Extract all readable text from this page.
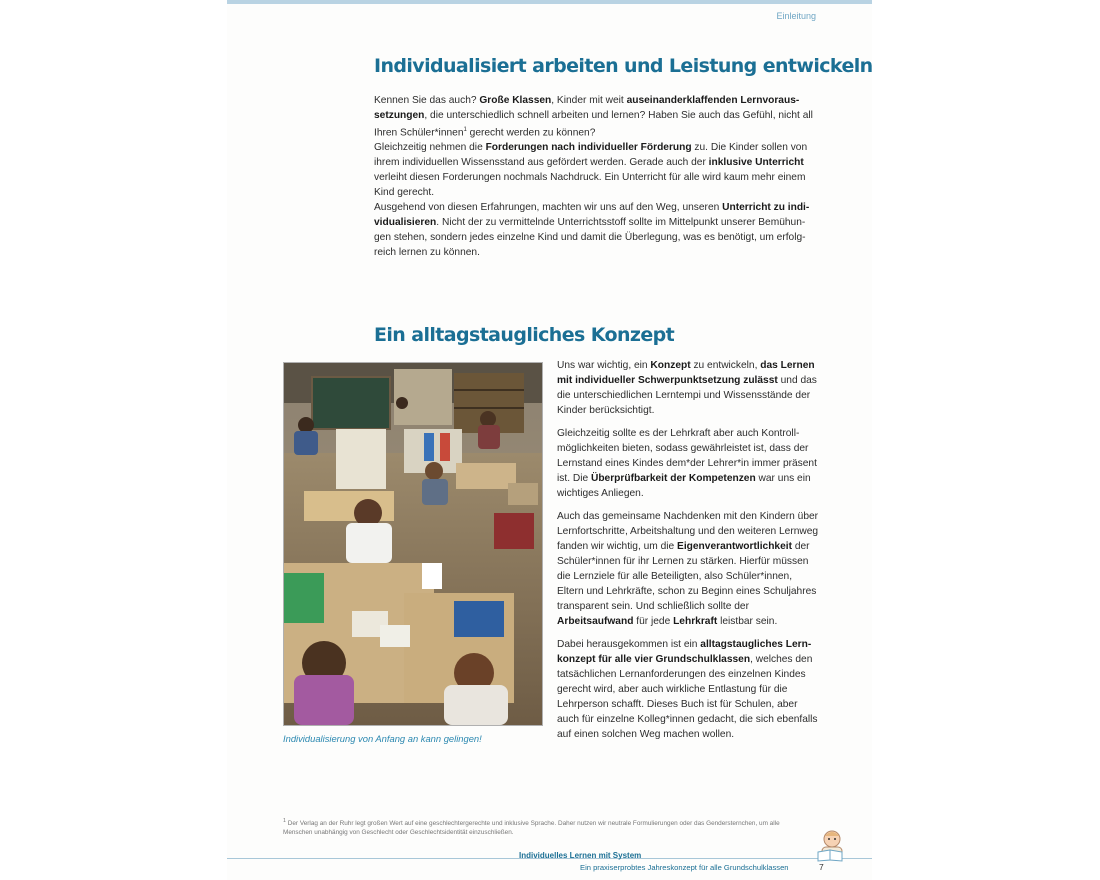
Einleitung
Individualisiert arbeiten und Leistung entwickeln
Kennen Sie das auch? Große Klassen, Kinder mit weit auseinanderklaffenden Lernvoraussetzungen, die unterschiedlich schnell arbeiten und lernen? Haben Sie auch das Gefühl, nicht all Ihren Schüler*innen$^1$ gerecht werden zu können?
Gleichzeitig nehmen die Forderungen nach individueller Förderung zu. Die Kinder sollen von ihrem individuellen Wissensstand aus gefördert werden. Gerade auch der inklusive Unterricht verleiht diesen Forderungen nochmals Nachdruck. Ein Unterricht für alle wird kaum mehr einem Kind gerecht.
Ausgehend von diesen Erfahrungen, machten wir uns auf den Weg, unseren Unterricht zu individualisieren. Nicht der zu vermittelnde Unterrichtsstoff sollte im Mittelpunkt unserer Bemühungen stehen, sondern jedes einzelne Kind und damit die Überlegung, was es benötigt, um erfolgreich lernen zu können.
Ein alltagstaugliches Konzept
Individualisierung von Anfang an kann gelingen!

Uns war wichtig, ein Konzept zu entwickeln, das Lernen mit individueller Schwerpunktsetzung zulässt und das die unterschiedlichen Lerntempi und Wissensstände der Kinder berücksichtigt.

Gleichzeitig sollte es der Lehrkraft aber auch Kontrollmöglichkeiten bieten, sodass gewährleistet ist, dass der Lernstand eines Kindes dem*der Lehrer*in immer präsent ist. Die Überprüfbarkeit der Kompetenzen war uns ein wichtiges Anliegen.

Auch das gemeinsame Nachdenken mit den Kindern über Lernfortschritte, Arbeitshaltung und den weiteren Lernweg fanden wir wichtig, um die Eigenverantwortlichkeit der Schüler*innen für ihr Lernen zu stärken. Hierfür müssen die Lernziele für alle Beteiligten, also Schüler*innen, Eltern und Lehrkräfte, schon zu Beginn eines Schuljahres transparent sein. Und schließlich sollte der Arbeitsaufwand für jede Lehrkraft leistbar sein.

Dabei herausgekommen ist ein alltagstaugliches Lernkonzept für alle vier Grundschulklassen, welches den tatsächlichen Lernanforderungen des einzelnen Kindes gerecht wird, aber auch wirkliche Entlastung für die Lehrperson schafft. Dieses Buch ist für Schulen, aber auch für einzelne Kolleg*innen gedacht, die sich ebenfalls auf einen solchen Weg machen wollen.

$^1$ Der Verlag an der Ruhr legt großen Wert auf eine geschlechtergerechte und inklusive Sprache. Daher nutzen wir neutrale Formulierungen oder das Gendersternchen, um alle Menschen unabhängig von Geschlecht oder Geschlechtsidentität einzuschließen.
Individuelles Lernen mit System
Ein praxiserprobtes Jahreskonzept für alle Grundschulklassen	7
